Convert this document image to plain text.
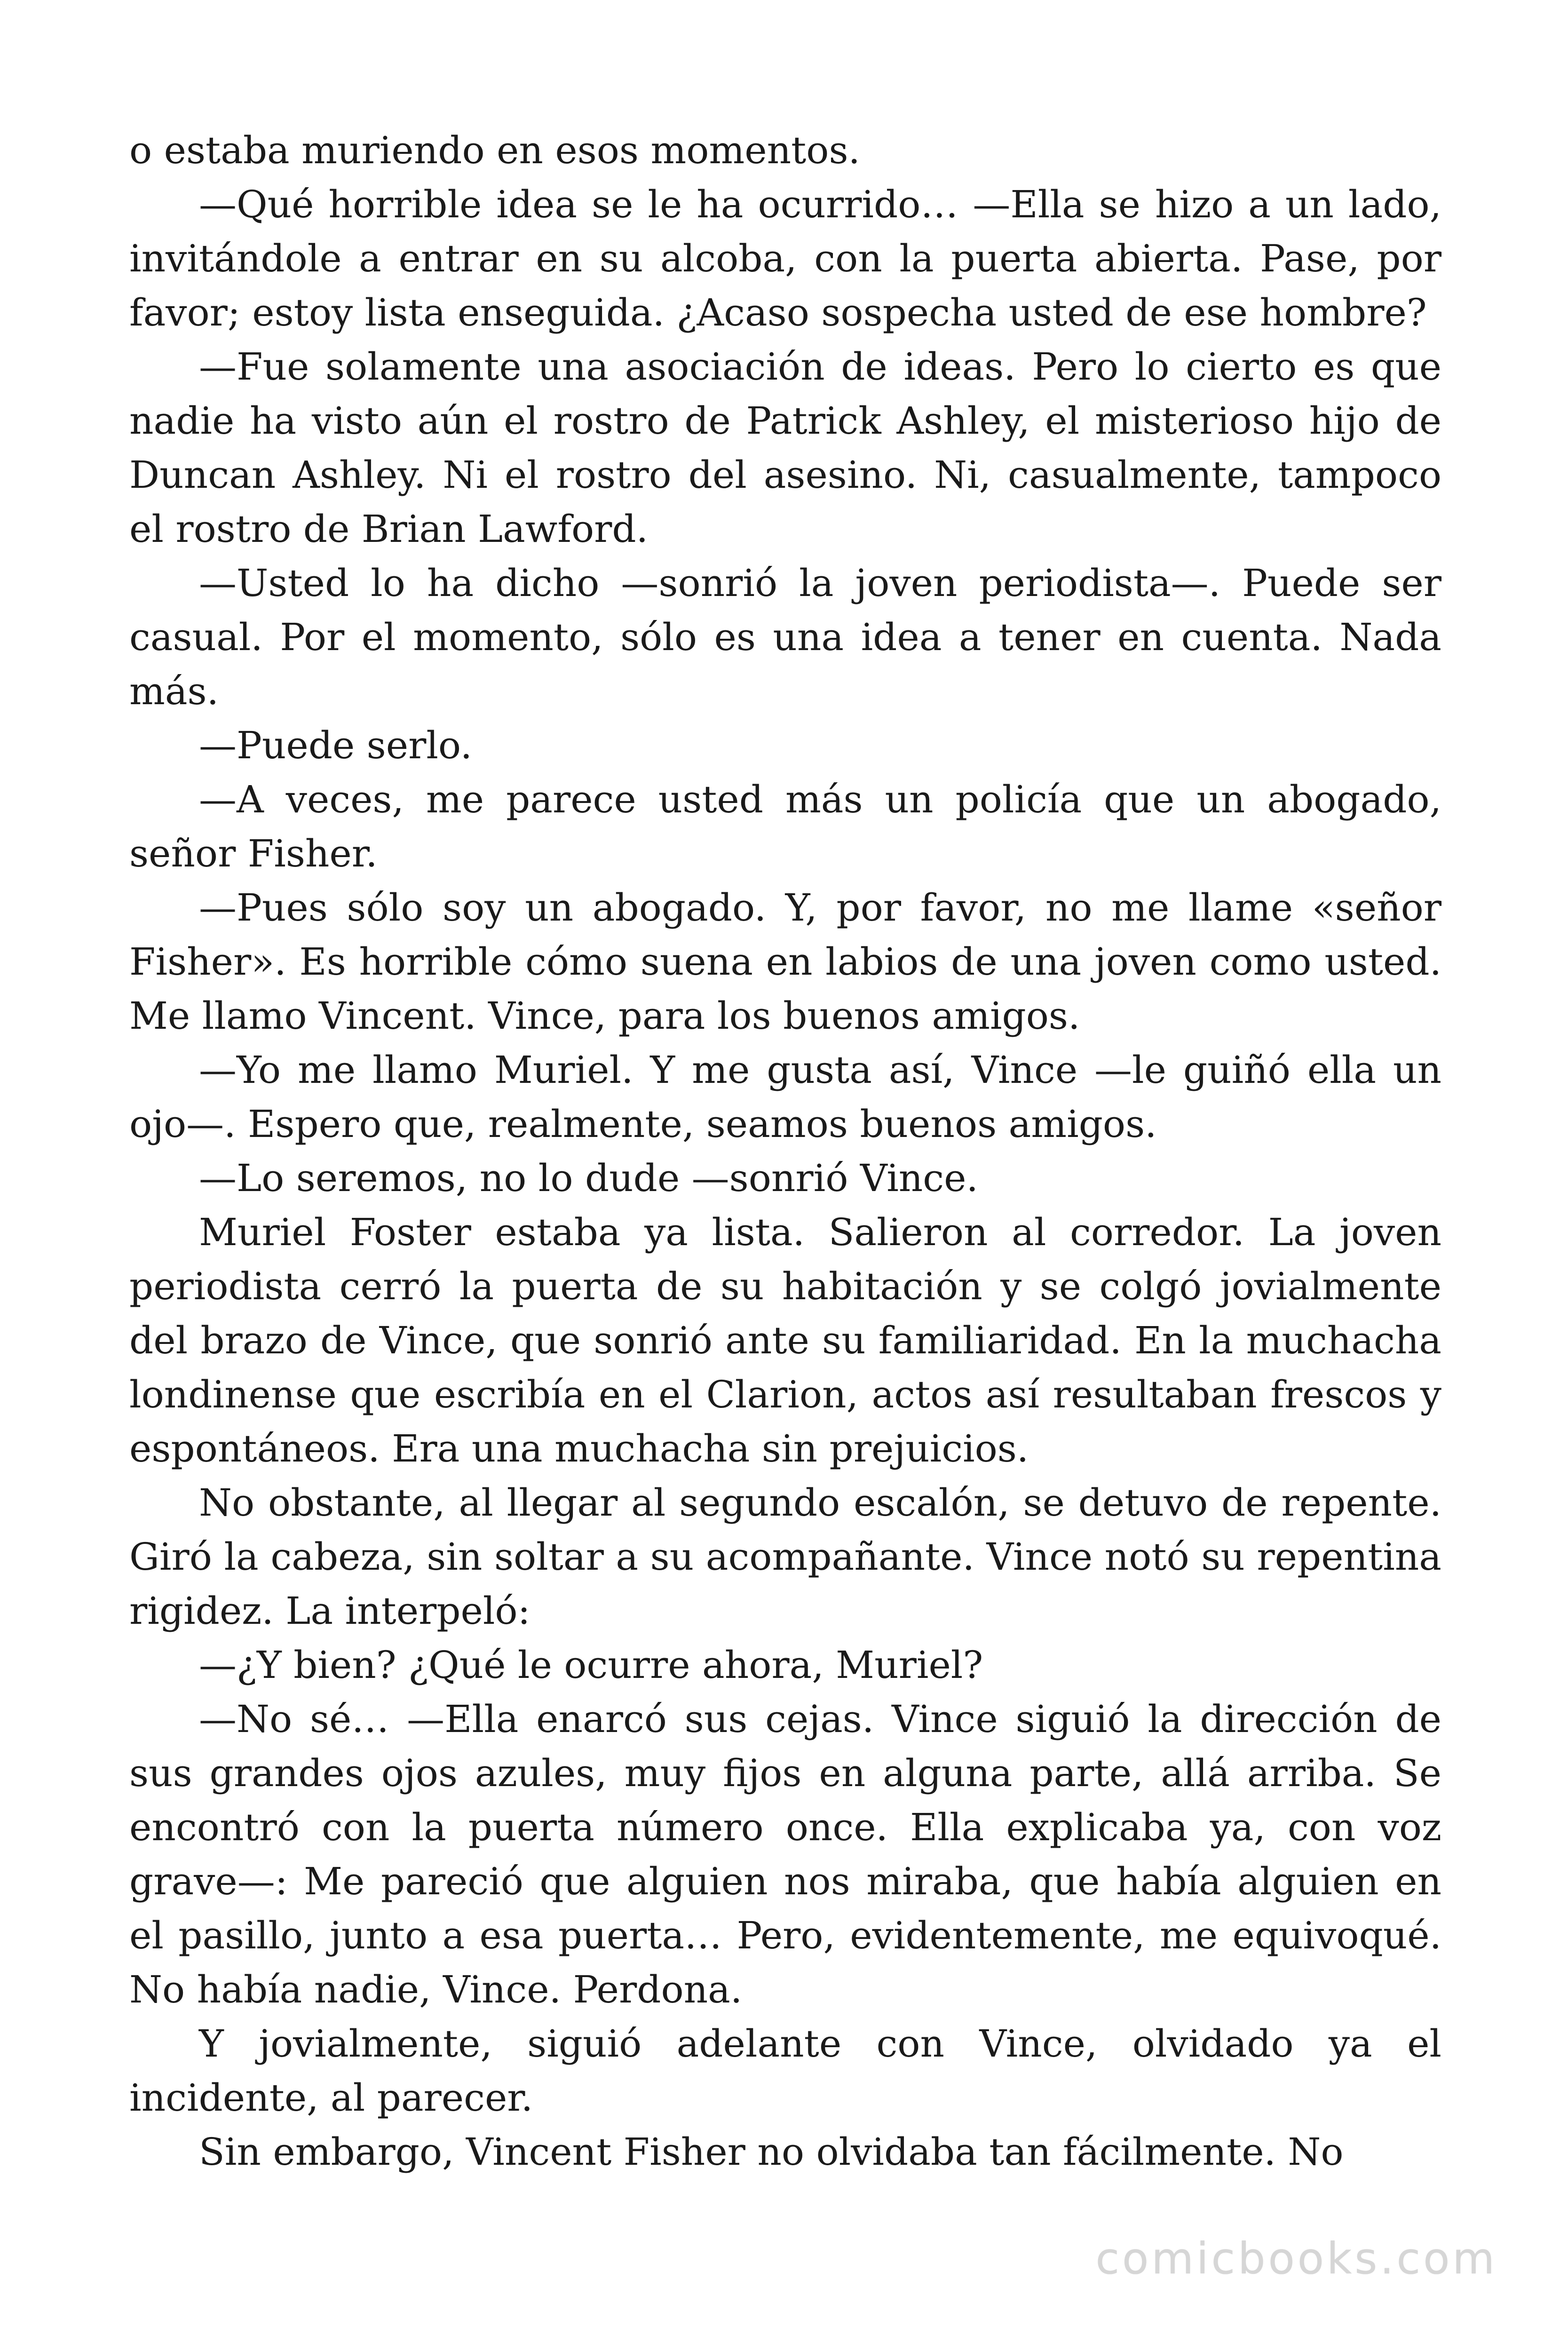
o estaba muriendo en esos momentos.

—Qué horrible idea se le ha ocurrido… —Ella se hizo a un lado, invitándole a entrar en su alcoba, con la puerta abierta. Pase, por favor; estoy lista enseguida. ¿Acaso sospecha usted de ese hombre?

—Fue solamente una asociación de ideas. Pero lo cierto es que nadie ha visto aún el rostro de Patrick Ashley, el misterioso hijo de Duncan Ashley. Ni el rostro del asesino. Ni, casualmente, tampoco el rostro de Brian Lawford.

—Usted lo ha dicho —sonrió la joven periodista—. Puede ser casual. Por el momento, sólo es una idea a tener en cuenta. Nada más.

—Puede serlo.

—A veces, me parece usted más un policía que un abogado, señor Fisher.

—Pues sólo soy un abogado. Y, por favor, no me llame «señor Fisher». Es horrible cómo suena en labios de una joven como usted. Me llamo Vincent. Vince, para los buenos amigos.

—Yo me llamo Muriel. Y me gusta así, Vince —le guiñó ella un ojo—. Espero que, realmente, seamos buenos amigos.

—Lo seremos, no lo dude —sonrió Vince.

Muriel Foster estaba ya lista. Salieron al corredor. La joven periodista cerró la puerta de su habitación y se colgó jovialmente del brazo de Vince, que sonrió ante su familiaridad. En la muchacha londinense que escribía en el Clarion, actos así resultaban frescos y espontáneos. Era una muchacha sin prejuicios.

No obstante, al llegar al segundo escalón, se detuvo de repente. Giró la cabeza, sin soltar a su acompañante. Vince notó su repentina rigidez. La interpeló:

—¿Y bien? ¿Qué le ocurre ahora, Muriel?

—No sé… —Ella enarcó sus cejas. Vince siguió la dirección de sus grandes ojos azules, muy fijos en alguna parte, allá arriba. Se encontró con la puerta número once. Ella explicaba ya, con voz grave—: Me pareció que alguien nos miraba, que había alguien en el pasillo, junto a esa puerta… Pero, evidentemente, me equivoqué. No había nadie, Vince. Perdona.

Y jovialmente, siguió adelante con Vince, olvidado ya el incidente, al parecer.

Sin embargo, Vincent Fisher no olvidaba tan fácilmente. No

comicbooks.com
